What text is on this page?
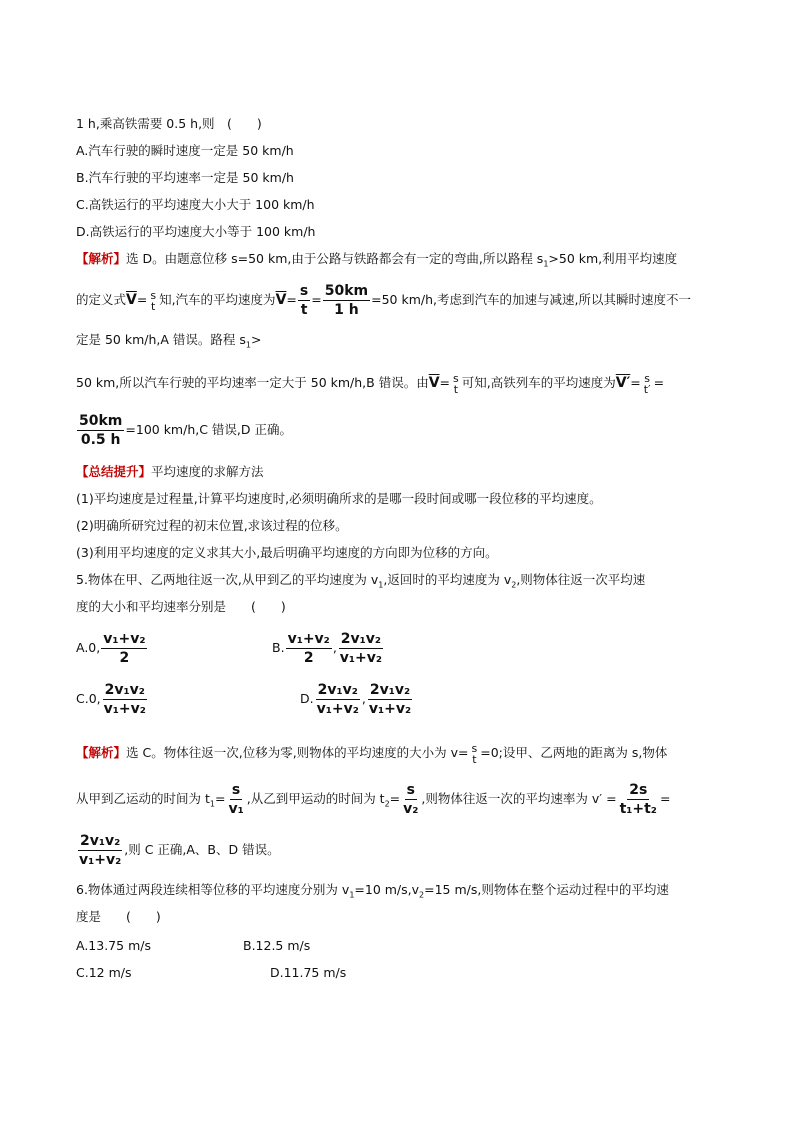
1 h,乘高铁需要 0.5 h,则　(　　)
A.汽车行驶的瞬时速度一定是 50 km/h
B.汽车行驶的平均速率一定是 50 km/h
C.高铁运行的平均速度大小大于 100 km/h
D.高铁运行的平均速度大小等于 100 km/h
【解析】选 D。由题意位移 s=50 km,由于公路与铁路都会有一定的弯曲,所以路程 $s_1>50$ km,利用平均速度
的定义式$\overline{V}= s$
t 知,汽车的平均速度为$\overline{V}= \frac{s}{t} = \frac{50km}{1 h} =50$ km/h,考虑到汽车的加速与减速,所以其瞬时速度不一
定是 50 km/h,A 错误。路程 $s_1>$
50 km,所以汽车行驶的平均速率一定大于 50 km/h,B 错误。由$\overline{V}= s$
t 可知,高铁列车的平均速度为V′= s
t′ =
$\frac{50km}{0.5 h} =100$ km/h,C 错误,D 正确。
【总结提升】平均速度的求解方法
(1)平均速度是过程量,计算平均速度时,必须明确所求的是哪一段时间或哪一段位移的平均速度。
(2)明确所研究过程的初末位置,求该过程的位移。
(3)利用平均速度的定义求其大小,最后明确平均速度的方向即为位移的方向。
5.物体在甲、乙两地往返一次,从甲到乙的平均速度为 $v_1$,返回时的平均速度为 $v_2$,则物体往返一次平均速
度的大小和平均速率分别是　　(　　)
A.0, $\frac{\text{v₁+v₂}}{2}$	B. $\frac{\text{v₁+v₂}}{2}$ , $\frac{\text{2v₁v₂}}{\text{v₁+v₂}}$
C.0, $\frac{\text{2v₁v₂}}{\text{v₁+v₂}}$	D. $\frac{\text{2v₁v₂}}{\text{v₁+v₂}}$ , $\frac{\text{2v₁v₂}}{\text{v₁+v₂}}$
【解析】选 C。物体往返一次,位移为零,则物体的平均速度的大小为 v= s
t =0;设甲、乙两地的距离为 s,物体
从甲到乙运动的时间为 $t_1= \frac{s}{\text{v₁}}$ ,从乙到甲运动的时间为 $t_2= \frac{s}{\text{v₂}}$ ,则物体往返一次的平均速率为 $v' = \frac{2s}{\text{t₁+t₂}}$ =
$\frac{\text{2v₁v₂}}{\text{v₁+v₂}}$ ,则 C 正确,A、B、D 错误。
6.物体通过两段连续相等位移的平均速度分别为 $v_1=10$ $m/s,v_2=15$ m/s,则物体在整个运动过程中的平均速
度是　　(　　)
A.13.75 m/s	B.12.5 m/s
C.12 m/s	D.11.75 m/s
